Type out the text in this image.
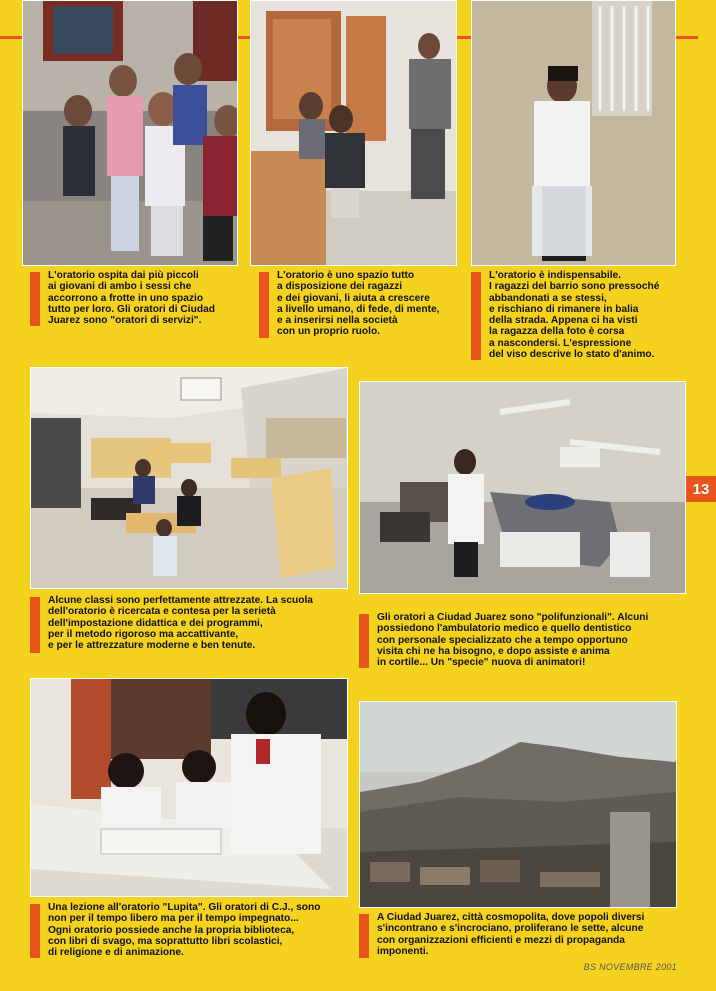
L'oratorio ospita dai più piccoli
ai giovani di ambo i sessi che
accorrono a frotte in uno spazio
tutto per loro. Gli oratori di Ciudad
Juarez sono "oratori di servizi".
L'oratorio è uno spazio tutto
a disposizione dei ragazzi
e dei giovani, li aiuta a crescere
a livello umano, di fede, di mente,
e a inserirsi nella società
con un proprio ruolo.
L'oratorio è indispensabile.
I ragazzi del barrio sono pressoché
abbandonati a se stessi,
e rischiano di rimanere in balia
della strada. Appena ci ha visti
la ragazza della foto è corsa
a nascondersi. L'espressione
del viso descrive lo stato d'animo.
Alcune classi sono perfettamente attrezzate. La scuola
dell'oratorio è ricercata e contesa per la serietà
dell'impostazione didattica e dei programmi,
per il metodo rigoroso ma accattivante,
e per le attrezzature moderne e ben tenute.
Gli oratori a Ciudad Juarez sono "polifunzionali". Alcuni
possiedono l'ambulatorio medico e quello dentistico
con personale specializzato che a tempo opportuno
visita chi ne ha bisogno, e dopo assiste e anima
in cortile... Un "specie" nuova di animatori!
Una lezione all'oratorio "Lupita". Gli oratori di C.J., sono
non per il tempo libero ma per il tempo impegnato...
Ogni oratorio possiede anche la propria biblioteca,
con libri di svago, ma soprattutto libri scolastici,
di religione e di animazione.
A Ciudad Juarez, città cosmopolita, dove popoli diversi
s'incontrano e s'incrociano, proliferano le sette, alcune
con organizzazioni efficienti e mezzi di propaganda
imponenti.
13
BS NOVEMBRE 2001
